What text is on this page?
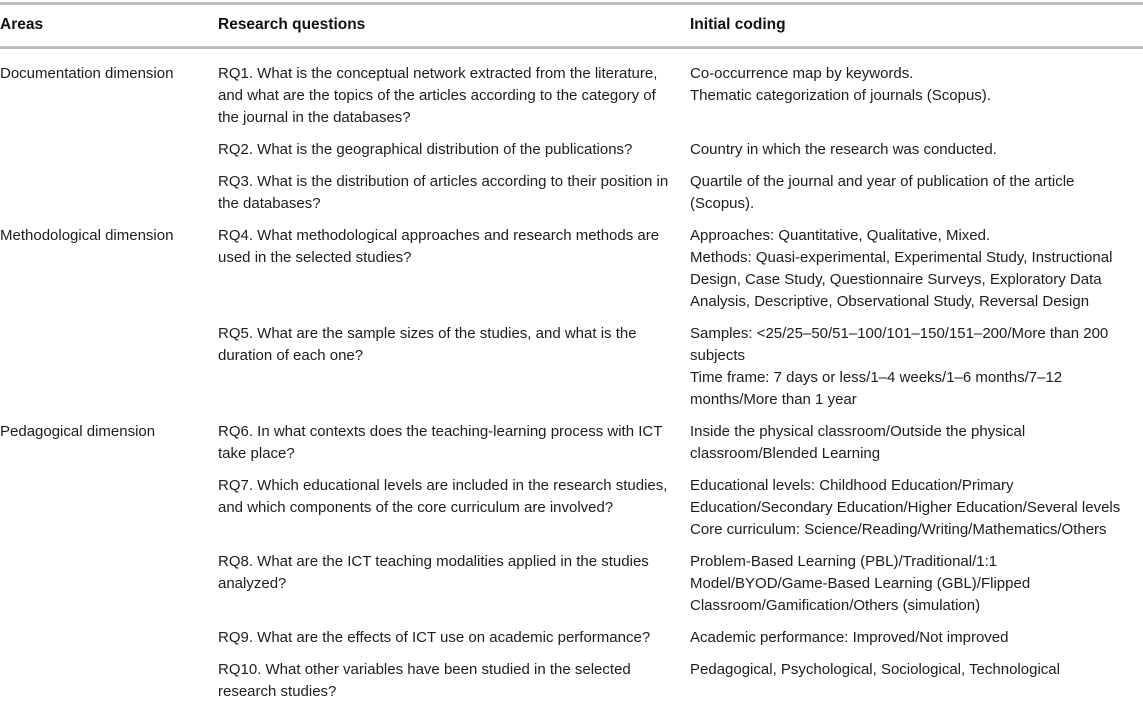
Areas	Research questions	Initial coding
Documentation dimension	RQ1. What is the conceptual network extracted from the literature, and what are the topics of the articles according to the category of the journal in the databases?	Co-occurrence map by keywords.
Thematic categorization of journals (Scopus).

	RQ2. What is the geographical distribution of the publications?	Country in which the research was conducted.

	RQ3. What is the distribution of articles according to their position in the databases?	Quartile of the journal and year of publication of the article (Scopus).

Methodological dimension	RQ4. What methodological approaches and research methods are used in the selected studies?	Approaches: Quantitative, Qualitative, Mixed.
Methods: Quasi-experimental, Experimental Study, Instructional Design, Case Study, Questionnaire Surveys, Exploratory Data Analysis, Descriptive, Observational Study, Reversal Design

	RQ5. What are the sample sizes of the studies, and what is the duration of each one?	Samples: <25/25–50/51–100/101–150/151–200/More than 200 subjects
Time frame: 7 days or less/1–4 weeks/1–6 months/7–12 months/More than 1 year

Pedagogical dimension	RQ6. In what contexts does the teaching-learning process with ICT take place?	Inside the physical classroom/Outside the physical classroom/Blended Learning

	RQ7. Which educational levels are included in the research studies, and which components of the core curriculum are involved?	Educational levels: Childhood Education/Primary Education/Secondary Education/Higher Education/Several levels
Core curriculum: Science/Reading/Writing/Mathematics/Others

	RQ8. What are the ICT teaching modalities applied in the studies analyzed?	Problem-Based Learning (PBL)/Traditional/1:1 Model/BYOD/Game-Based Learning (GBL)/Flipped Classroom/Gamification/Others (simulation)

	RQ9. What are the effects of ICT use on academic performance?	Academic performance: Improved/Not improved

	RQ10. What other variables have been studied in the selected research studies?	Pedagogical, Psychological, Sociological, Technological
